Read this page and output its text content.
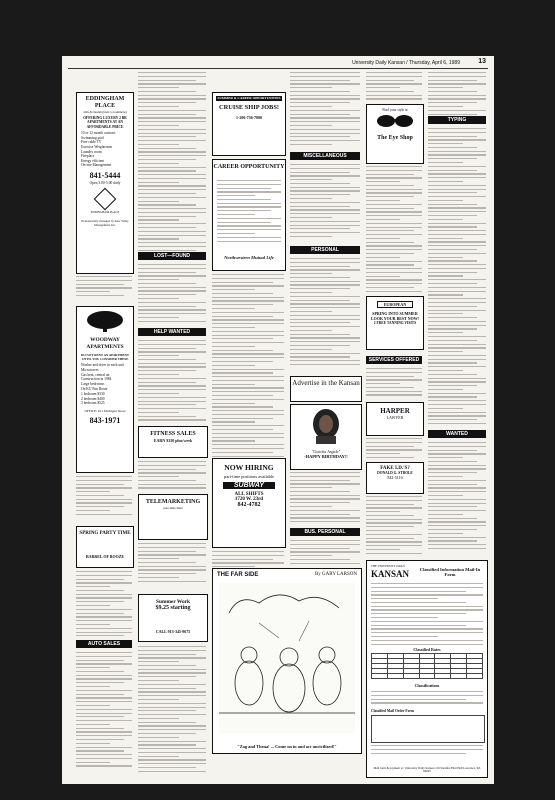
University Daily Kansan / Thursday, April 6, 1989	13
EDDINGHAM PLACE
24th & Ousdahl (next to Gammons)
OFFERING LUXURY 2 BR APARTMENTS AT AN AFFORDABLE PRICE
10 or 12 month contract
Swimming pool
Free cable TV
Exercise Weightroom
Laundry room
Fireplace
Energy efficient
On-site Management
841-5444
Open 3:00-5:00 daily
EDDINGHAM PLACE
Professionally managed by Kaw Valley Management, Inc.
WOODWAY APARTMENTS
DO NOT RENT AN APARTMENT UNTIL YOU CONSIDER THESE
Washer and dryer in each unit
Microwaves
Gas heat, central air
Construction in 1984
Large bedrooms
On KU Bus Route
1 bedroom $330
2 bedroom $400
3 bedroom $525
OFFICE: 611 Michigan Street
843-1971
SPRING PARTY TIME
BARREL OF BOOZE
AUTO SALES
LOST—FOUND
HELP WANTED
FITNESS SALES
EARN $350 plus/week
TELEMARKETING
part-time time
Summer Work
$9.25 starting
CALL 913-345-9675
SUMMER & CAREER OPPORTUNITIES
CRUISE SHIP JOBS!
1-206-736-7000
CAREER OPPORTUNITY
Northwestern Mutual Life
NOW HIRING
part-time positions available
SUBWAY
ALL SHIFTS
1720 W. 23rd
842-4782
MISCELLANEOUS
PERSONAL
Advertise in the Kansan
"Gottcha Angela"
-HAPPY BIRTHDAY!!
BUS. PERSONAL
THE FAR SIDE	By GARY LARSON
"Zag and Thena! ... Come on in and act uncivilized!"
Find your style at
The Eye Shop
EUROPEAN
SPRING INTO SUMMER LOOK YOUR BEST NOW!
2 FREE TANNING VISITS
SERVICES OFFERED
HARPER
LAWYER
FAKE I.D.'S?
DONALD G. STROLE
842-5116
TYPING
WANTED
THE UNIVERSITY DAILY
KANSAN	Classified Information Mail-In Form
Classified Rates

Classifications
Classified Mail Order Form
Mail form & payment to: University Daily Kansan 119 Stauffer-Flint Hall Lawrence, KS 66045
